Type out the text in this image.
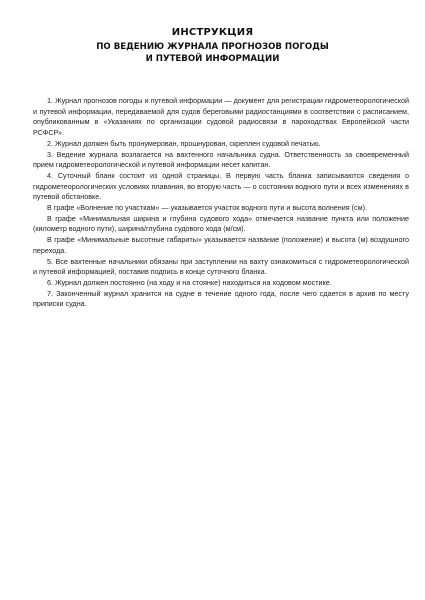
ИНСТРУКЦИЯ
ПО ВЕДЕНИЮ ЖУРНАЛА ПРОГНОЗОВ ПОГОДЫ
И ПУТЕВОЙ ИНФОРМАЦИИ

1. Журнал прогнозов погоды и путевой информации — документ для регистрации гидрометеорологической и путевой информации, передаваемой для судов береговыми радиостанциями в соответствии с расписанием, опубликованным в «Указаниях по организации судовой радиосвязи в пароходствах Европейской части РСФСР».

2. Журнал должен быть пронумерован, прошнурован, скреплен судовой печатью.

3. Ведение журнала возлагается на вахтенного начальника судна. Ответственность за своевременный прием гидрометеорологической и путевой информации несет капитан.

4. Суточный бланк состоит из одной страницы. В первую часть бланка записываются сведения о гидрометеорологических условиях плавания, во вторую часть — о состоянии водного пути и всех изменениях в путевой обстановке.

В графе «Волнение по участкам» — указывается участок водного пути и высота волнения (см).

В графе «Минимальная ширина и глубина судового хода» отмечается название пункта или положение (километр водного пути), ширина/глубина судового хода (м/см).

В графе «Минимальные высотные габариты» указывается название (положение) и высота (м) воздушного перехода.

5. Все вахтенные начальники обязаны при заступлении на вахту ознакомиться с гидрометеорологической и путевой информацией, поставив подпись в конце суточного бланка.

6. Журнал должен постоянно (на ходу и на стоянке) находиться на ходовом мостике.

7. Законченный журнал хранится на судне в течение одного года, после чего сдается в архив по месту приписки судна.
